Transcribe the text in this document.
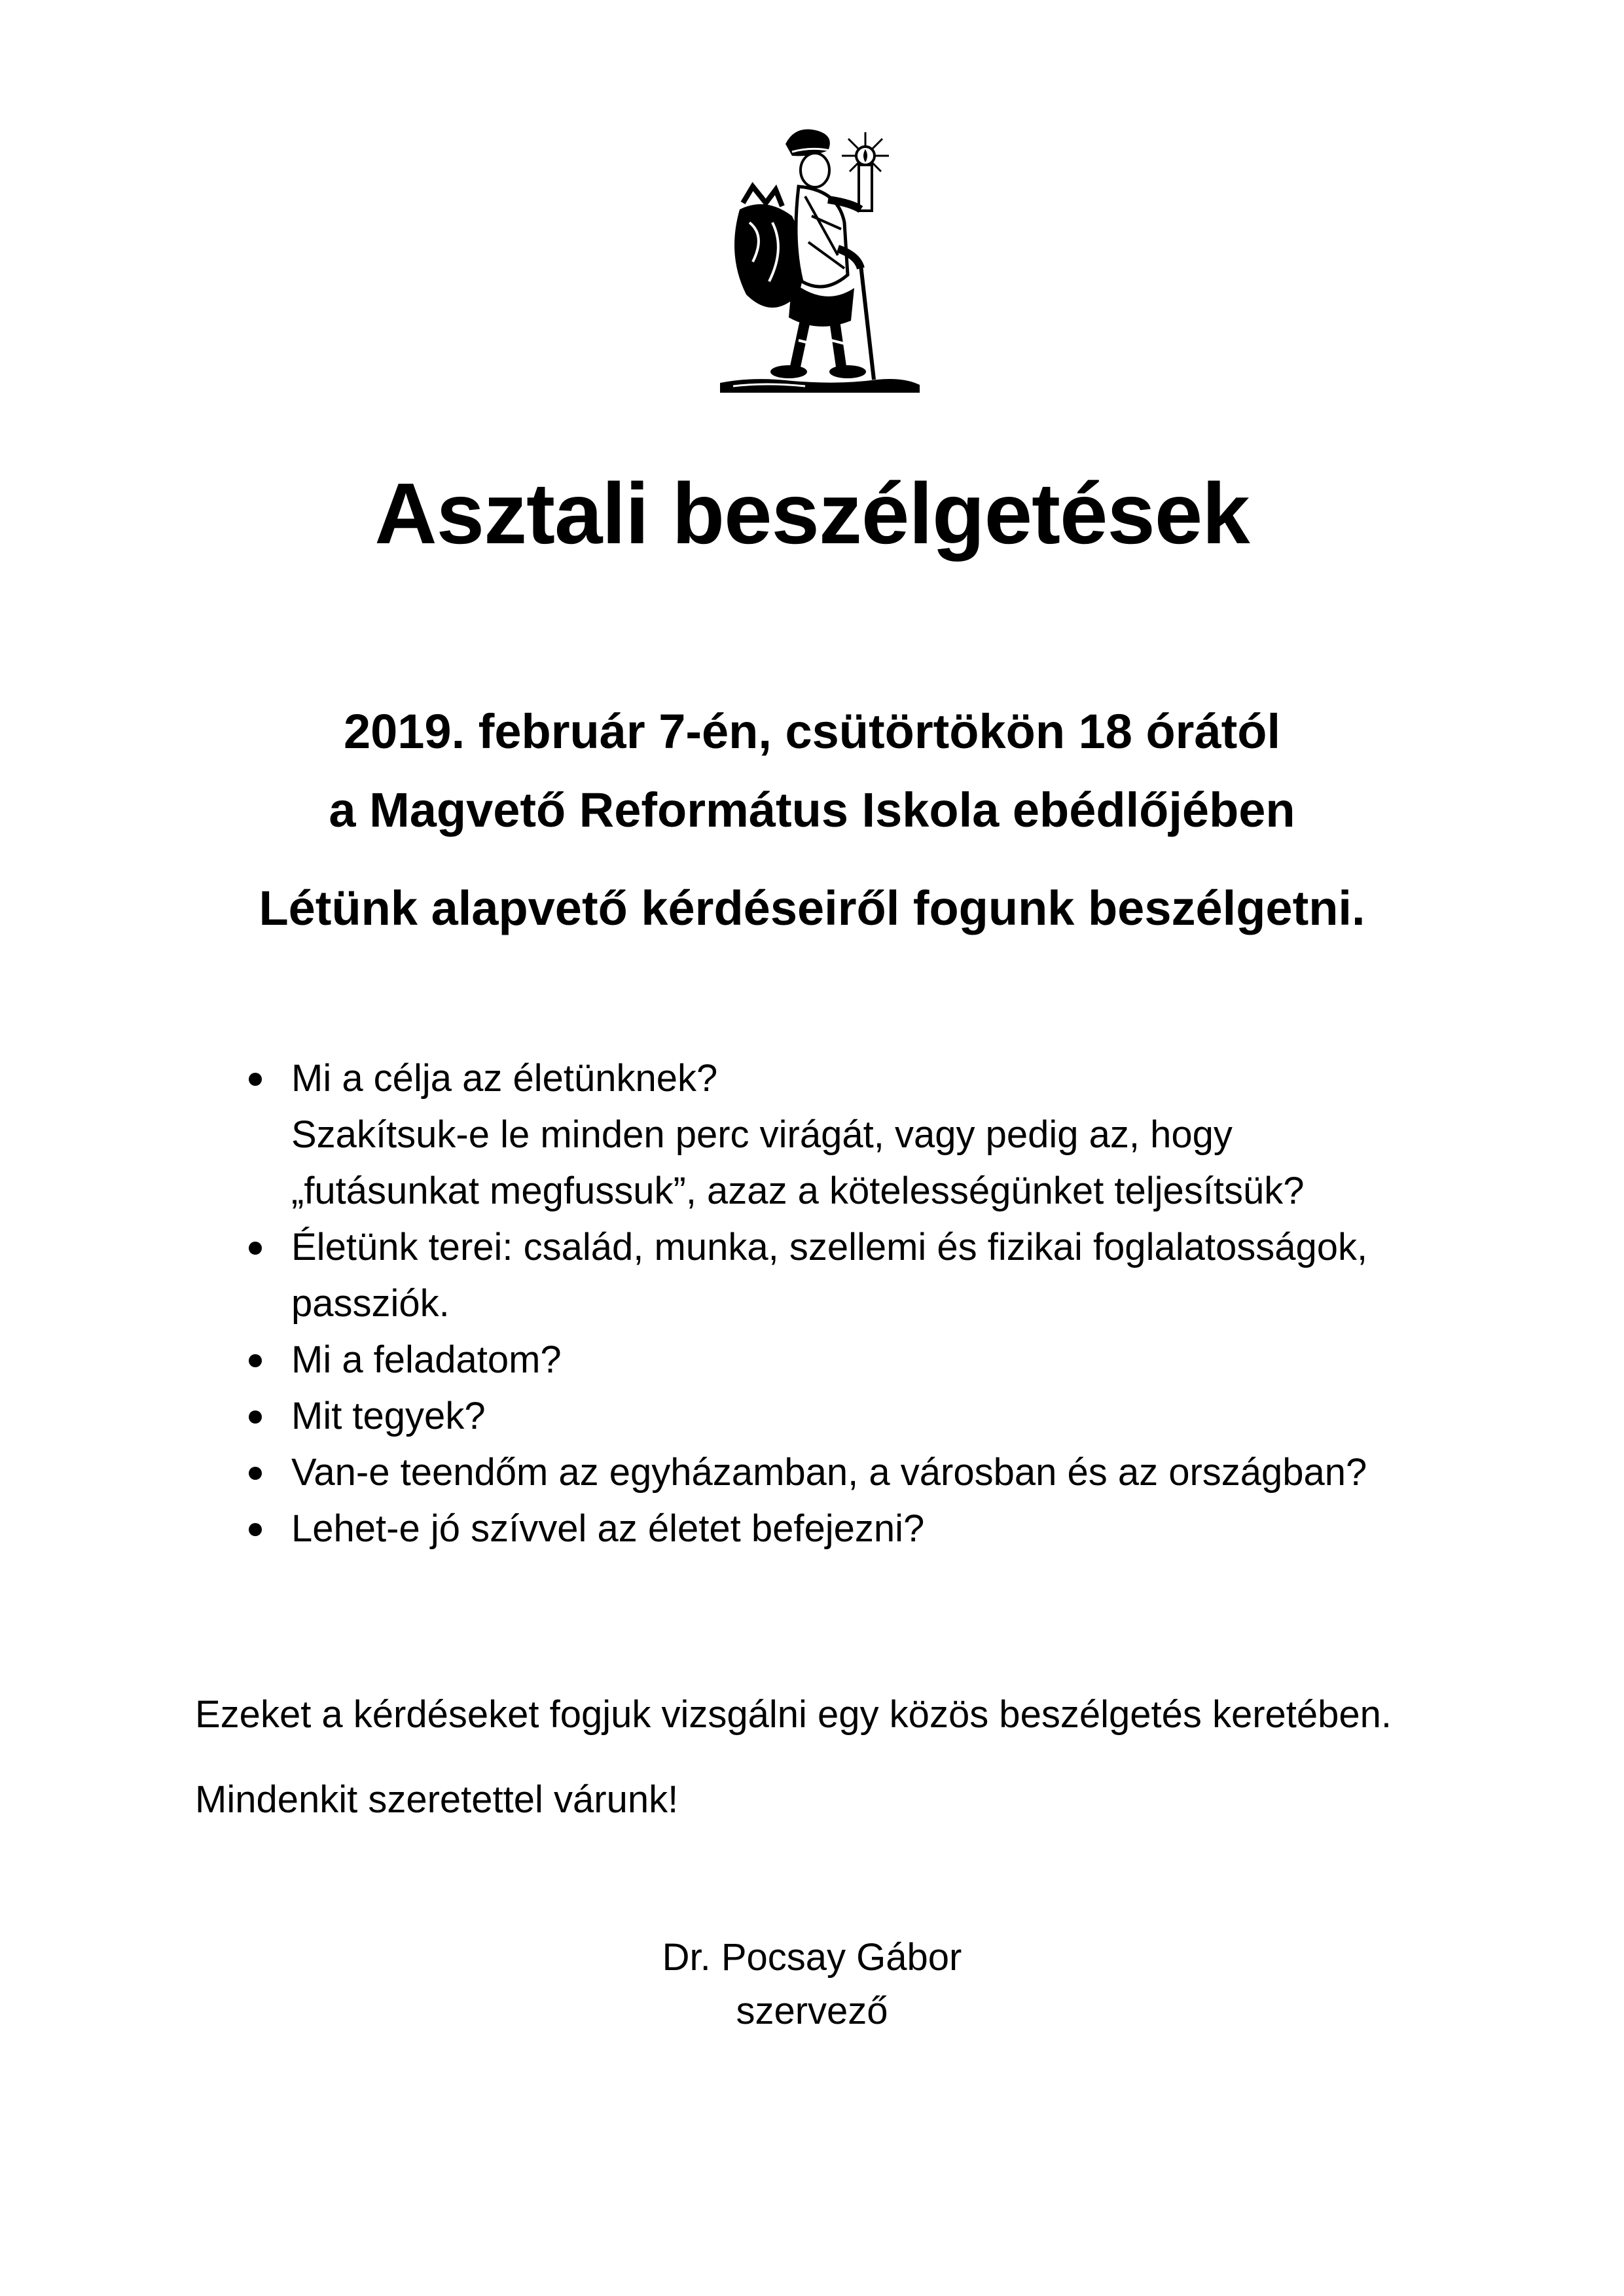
Asztali beszélgetések
2019. február 7-én, csütörtökön 18 órától
a Magvető Református Iskola ebédlőjében
Létünk alapvető kérdéseiről fogunk beszélgetni.
Mi a célja az életünknek?
Szakítsuk-e le minden perc virágát, vagy pedig az, hogy
„futásunkat megfussuk”, azaz a kötelességünket teljesítsük?
Életünk terei: család, munka, szellemi és fizikai foglalatosságok,
passziók.
Mi a feladatom?
Mit tegyek?
Van-e teendőm az egyházamban, a városban és az országban?
Lehet-e jó szívvel az életet befejezni?
Ezeket a kérdéseket fogjuk vizsgálni egy közös beszélgetés keretében.
Mindenkit szeretettel várunk!
Dr. Pocsay Gábor
szervező
